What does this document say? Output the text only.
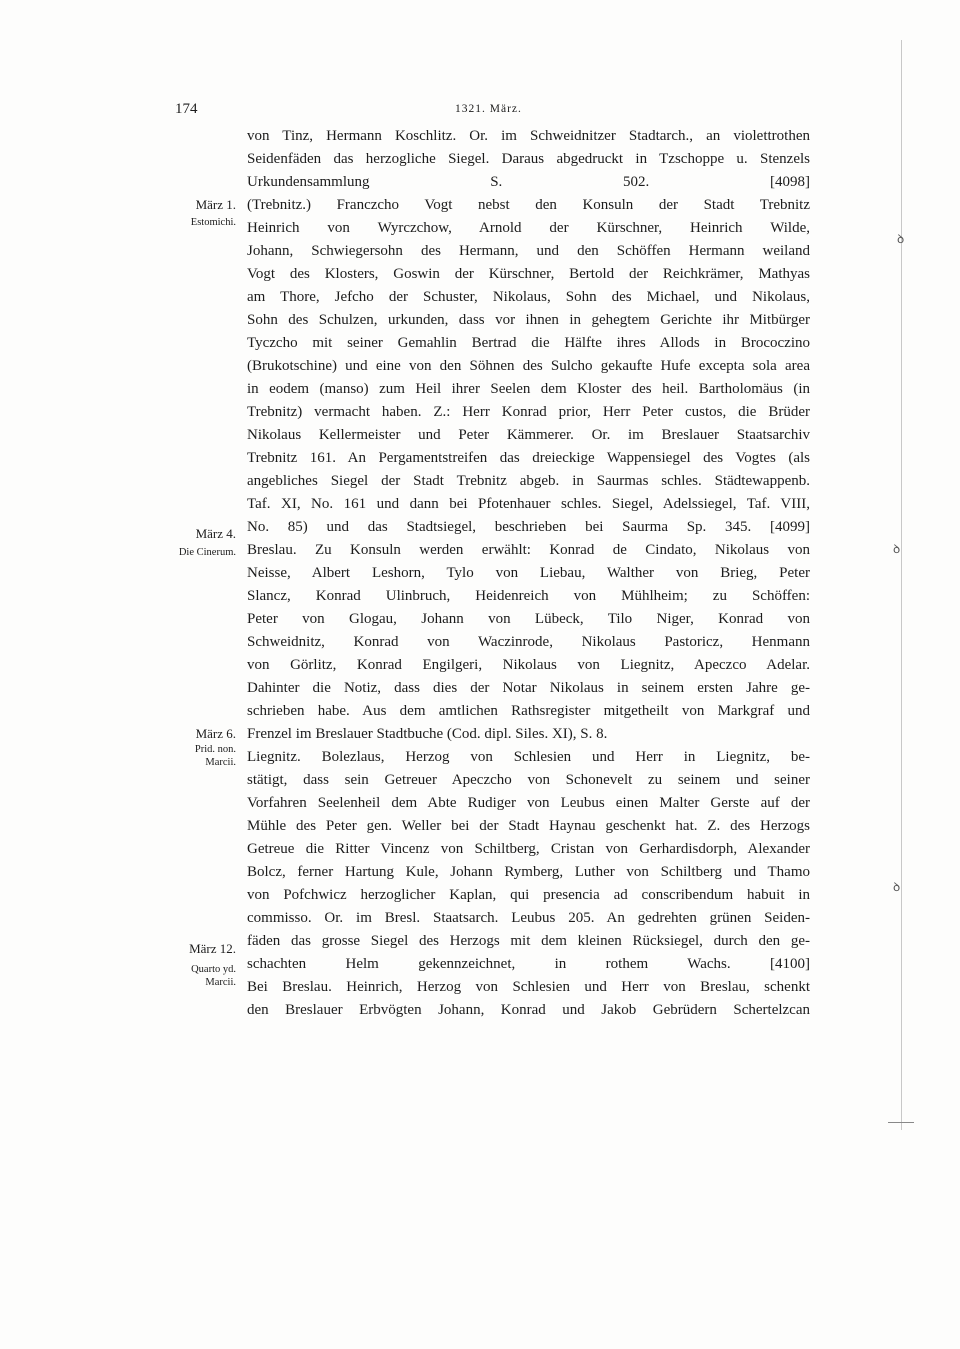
174	1321. März.
März 1.
Estomichi.
März 4.
Die Cinerum.
März 6.
Prid. non.
Marcii.
März 12.
Quarto yd.
Marcii.
von Tinz, Hermann Koschlitz. Or. im Schweidnitzer Stadtarch., an violettrothen
Seidenfäden das herzogliche Siegel. Daraus abgedruckt in Tzschoppe u. Stenzels
Urkundensammlung S. 502. [4098]
(Trebnitz.) Franczcho Vogt nebst den Konsuln der Stadt Trebnitz
Heinrich von Wyrczchow, Arnold der Kürschner, Heinrich Wilde,
Johann, Schwiegersohn des Hermann, und den Schöffen Hermann weiland
Vogt des Klosters, Goswin der Kürschner, Bertold der Reichkrämer, Mathyas
am Thore, Jefcho der Schuster, Nikolaus, Sohn des Michael, und Nikolaus,
Sohn des Schulzen, urkunden, dass vor ihnen in gehegtem Gerichte ihr Mitbürger
Tyczcho mit seiner Gemahlin Bertrad die Hälfte ihres Allods in Brococzino
(Brukotschine) und eine von den Söhnen des Sulcho gekaufte Hufe excepta sola area
in eodem (manso) zum Heil ihrer Seelen dem Kloster des heil. Bartholomäus (in
Trebnitz) vermacht haben. Z.: Herr Konrad prior, Herr Peter custos, die Brüder
Nikolaus Kellermeister und Peter Kämmerer. Or. im Breslauer Staatsarchiv
Trebnitz 161. An Pergamentstreifen das dreieckige Wappensiegel des Vogtes (als
angebliches Siegel der Stadt Trebnitz abgeb. in Saurmas schles. Städtewappenb.
Taf. XI, No. 161 und dann bei Pfotenhauer schles. Siegel, Adelssiegel, Taf. VIII,
No. 85) und das Stadtsiegel, beschrieben bei Saurma Sp. 345. [4099]
Breslau. Zu Konsuln werden erwählt: Konrad de Cindato, Nikolaus von
Neisse, Albert Leshorn, Tylo von Liebau, Walther von Brieg, Peter
Slancz, Konrad Ulinbruch, Heidenreich von Mühlheim; zu Schöffen:
Peter von Glogau, Johann von Lübeck, Tilo Niger, Konrad von
Schweidnitz, Konrad von Waczinrode, Nikolaus Pastoricz, Henmann
von Görlitz, Konrad Engilgeri, Nikolaus von Liegnitz, Apeczco Adelar.
Dahinter die Notiz, dass dies der Notar Nikolaus in seinem ersten Jahre ge-
schrieben habe. Aus dem amtlichen Rathsregister mitgetheilt von Markgraf und
Frenzel im Breslauer Stadtbuche (Cod. dipl. Siles. XI), S. 8.
Liegnitz. Bolezlaus, Herzog von Schlesien und Herr in Liegnitz, be-
stätigt, dass sein Getreuer Apeczcho von Schonevelt zu seinem und seiner
Vorfahren Seelenheil dem Abte Rudiger von Leubus einen Malter Gerste auf der
Mühle des Peter gen. Weller bei der Stadt Haynau geschenkt hat. Z. des Herzogs
Getreue die Ritter Vincenz von Schiltberg, Cristan von Gerhardisdorph, Alexander
Bolcz, ferner Hartung Kule, Johann Rymberg, Luther von Schiltberg und Thamo
von Pofchwicz herzoglicher Kaplan, qui presencia ad conscribendum habuit in
commisso. Or. im Bresl. Staatsarch. Leubus 205. An gedrehten grünen Seiden-
fäden das grosse Siegel des Herzogs mit dem kleinen Rücksiegel, durch den ge-
schachten Helm gekennzeichnet, in rothem Wachs. [4100]
Bei Breslau. Heinrich, Herzog von Schlesien und Herr von Breslau, schenkt
den Breslauer Erbvögten Johann, Konrad und Jakob Gebrüdern Schertelzcan
ꝺ
ꝺ
ꝺ
